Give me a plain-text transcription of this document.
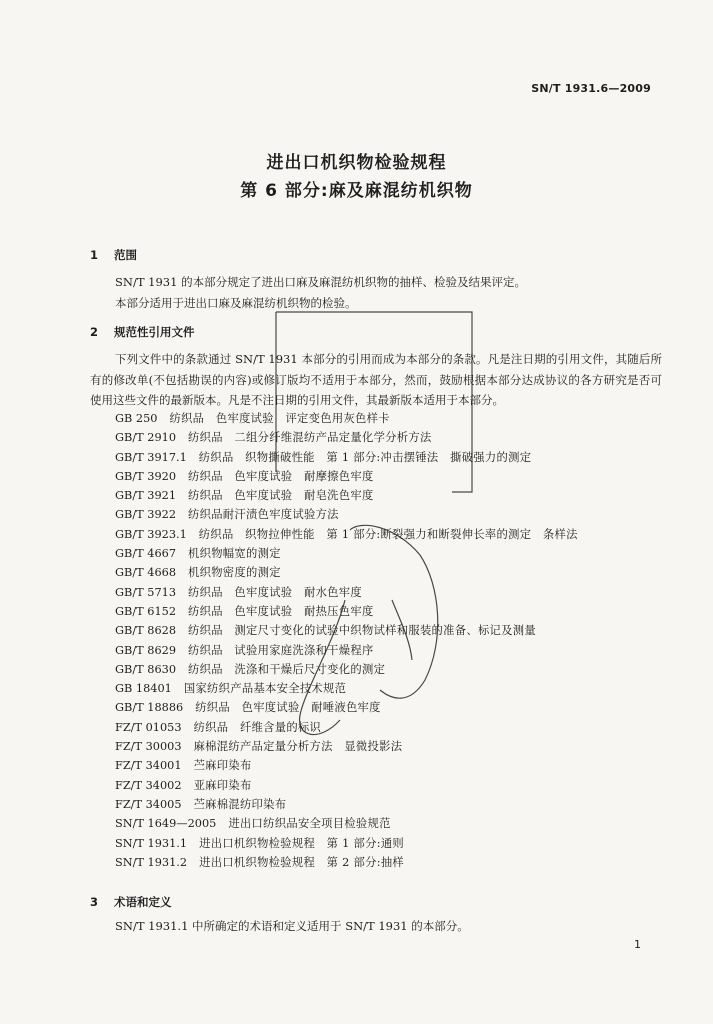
SN/T 1931.6—2009
进出口机织物检验规程
第 6 部分:麻及麻混纺机织物
1 范围
SN/T 1931 的本部分规定了进出口麻及麻混纺机织物的抽样、检验及结果评定。
本部分适用于进出口麻及麻混纺机织物的检验。
2 规范性引用文件
下列文件中的条款通过 SN/T 1931 本部分的引用而成为本部分的条款。凡是注日期的引用文件，其随后所有的修改单(不包括勘误的内容)或修订版均不适用于本部分，然而，鼓励根据本部分达成协议的各方研究是否可使用这些文件的最新版本。凡是不注日期的引用文件，其最新版本适用于本部分。
GB 250 纺织品　色牢度试验　评定变色用灰色样卡
GB/T 2910 纺织品　二组分纤维混纺产品定量化学分析方法
GB/T 3917.1 纺织品　织物撕破性能　第 1 部分:冲击摆锤法　撕破强力的测定
GB/T 3920 纺织品　色牢度试验　耐摩擦色牢度
GB/T 3921 纺织品　色牢度试验　耐皂洗色牢度
GB/T 3922 纺织品耐汗渍色牢度试验方法
GB/T 3923.1 纺织品　织物拉伸性能　第 1 部分:断裂强力和断裂伸长率的测定　条样法
GB/T 4667 机织物幅宽的测定
GB/T 4668 机织物密度的测定
GB/T 5713 纺织品　色牢度试验　耐水色牢度
GB/T 6152 纺织品　色牢度试验　耐热压色牢度
GB/T 8628 纺织品　测定尺寸变化的试验中织物试样和服装的准备、标记及测量
GB/T 8629 纺织品　试验用家庭洗涤和干燥程序
GB/T 8630 纺织品　洗涤和干燥后尺寸变化的测定
GB 18401 国家纺织产品基本安全技术规范
GB/T 18886 纺织品　色牢度试验　耐唾液色牢度
FZ/T 01053 纺织品　纤维含量的标识
FZ/T 30003 麻棉混纺产品定量分析方法　显微投影法
FZ/T 34001 苎麻印染布
FZ/T 34002 亚麻印染布
FZ/T 34005 苎麻棉混纺印染布
SN/T 1649—2005 进出口纺织品安全项目检验规范
SN/T 1931.1 进出口机织物检验规程　第 1 部分:通则
SN/T 1931.2 进出口机织物检验规程　第 2 部分:抽样
3 术语和定义
SN/T 1931.1 中所确定的术语和定义适用于 SN/T 1931 的本部分。
1
